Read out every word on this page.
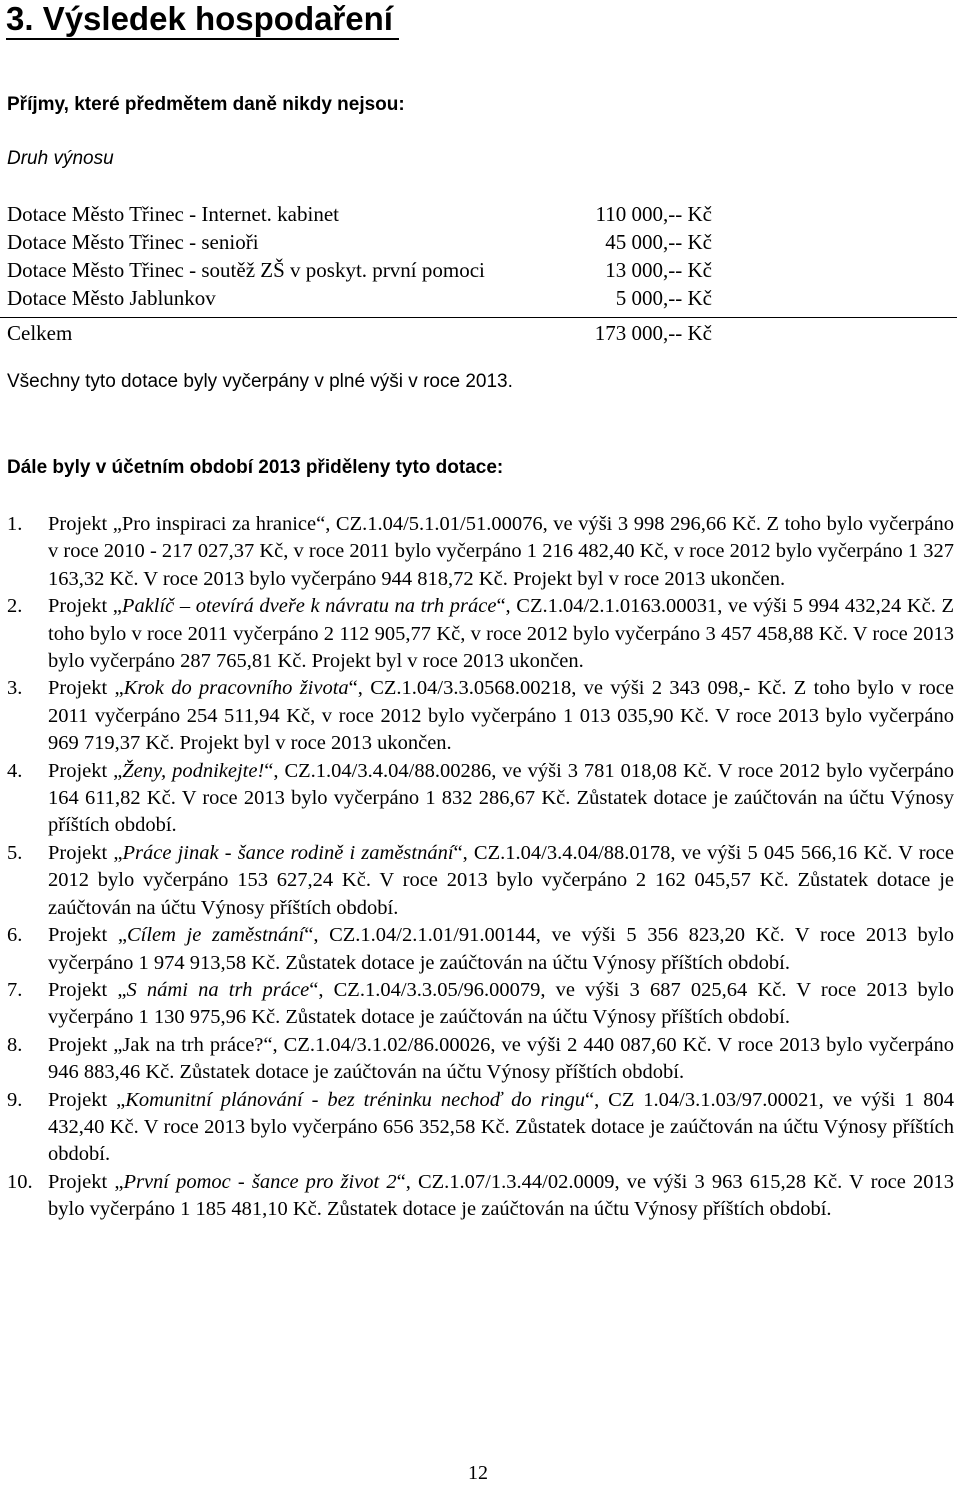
3. Výsledek hospodaření
Příjmy, které předmětem daně nikdy nejsou:
Druh výnosu
Dotace Město Třinec - Internet. kabinet	110 000,-- Kč
Dotace Město Třinec - senioři	45 000,-- Kč
Dotace Město Třinec - soutěž ZŠ v poskyt. první pomoci	13 000,-- Kč
Dotace Město Jablunkov	5 000,-- Kč
Celkem	173 000,-- Kč
Všechny tyto dotace byly vyčerpány v plné výši v roce 2013.
Dále byly v účetním období 2013 přiděleny tyto dotace:
1. Projekt „Pro inspiraci za hranice“, CZ.1.04/5.1.01/51.00076, ve výši 3 998 296,66 Kč. Z toho bylo vyčerpáno v roce 2010 - 217 027,37 Kč, v roce 2011 bylo vyčerpáno 1 216 482,40 Kč, v roce 2012 bylo vyčerpáno 1 327 163,32 Kč. V roce 2013 bylo vyčerpáno 944 818,72 Kč. Projekt byl v roce 2013 ukončen.
2. Projekt „Paklíč – otevírá dveře k návratu na trh práce“, CZ.1.04/2.1.0163.00031, ve výši 5 994 432,24 Kč. Z toho bylo v roce 2011 vyčerpáno 2 112 905,77 Kč, v roce 2012 bylo vyčerpáno 3 457 458,88 Kč. V roce 2013 bylo vyčerpáno 287 765,81 Kč. Projekt byl v roce 2013 ukončen.
3. Projekt „Krok do pracovního života“, CZ.1.04/3.3.0568.00218, ve výši 2 343 098,- Kč. Z toho bylo v roce 2011 vyčerpáno 254 511,94 Kč, v roce 2012 bylo vyčerpáno 1 013 035,90 Kč. V roce 2013 bylo vyčerpáno 969 719,37 Kč. Projekt byl v roce 2013 ukončen.
4. Projekt „Ženy, podnikejte!“, CZ.1.04/3.4.04/88.00286, ve výši 3 781 018,08 Kč. V roce 2012 bylo vyčerpáno 164 611,82 Kč. V roce 2013 bylo vyčerpáno 1 832 286,67 Kč. Zůstatek dotace je zaúčtován na účtu Výnosy příštích období.
5. Projekt „Práce jinak - šance rodině i zaměstnání“, CZ.1.04/3.4.04/88.0178, ve výši 5 045 566,16 Kč. V roce 2012 bylo vyčerpáno 153 627,24 Kč. V roce 2013 bylo vyčerpáno 2 162 045,57 Kč. Zůstatek dotace je zaúčtován na účtu Výnosy příštích období.
6. Projekt „Cílem je zaměstnání“, CZ.1.04/2.1.01/91.00144, ve výši 5 356 823,20 Kč. V roce 2013 bylo vyčerpáno 1 974 913,58 Kč. Zůstatek dotace je zaúčtován na účtu Výnosy příštích období.
7. Projekt „S námi na trh práce“, CZ.1.04/3.3.05/96.00079, ve výši 3 687 025,64 Kč. V roce 2013 bylo vyčerpáno 1 130 975,96 Kč. Zůstatek dotace je zaúčtován na účtu Výnosy příštích období.
8. Projekt „Jak na trh práce?“, CZ.1.04/3.1.02/86.00026, ve výši 2 440 087,60 Kč. V roce 2013 bylo vyčerpáno 946 883,46 Kč. Zůstatek dotace je zaúčtován na účtu Výnosy příštích období.
9. Projekt „Komunitní plánování - bez tréninku nechoď do ringu“, CZ 1.04/3.1.03/97.00021, ve výši 1 804 432,40 Kč. V roce 2013 bylo vyčerpáno 656 352,58 Kč. Zůstatek dotace je zaúčtován na účtu Výnosy příštích období.
10. Projekt „První pomoc - šance pro život 2“, CZ.1.07/1.3.44/02.0009, ve výši 3 963 615,28 Kč. V roce 2013 bylo vyčerpáno 1 185 481,10 Kč. Zůstatek dotace je zaúčtován na účtu Výnosy příštích období.
12
